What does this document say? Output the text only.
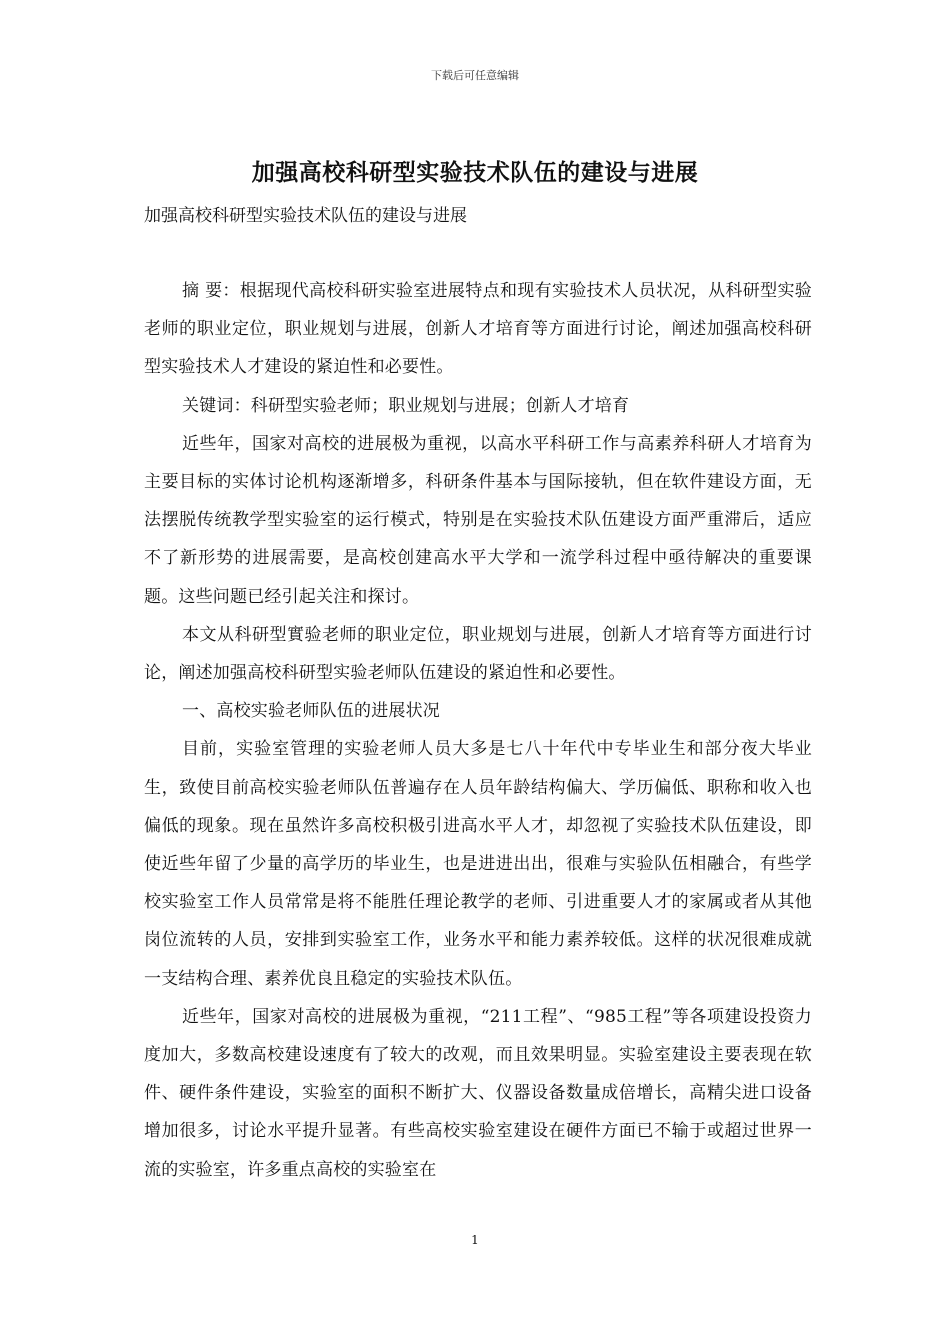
下载后可任意编辑
加强高校科研型实验技术队伍的建设与进展

加强高校科研型实验技术队伍的建设与进展

摘 要：根据现代高校科研实验室进展特点和现有实验技术人员状况，从科研型实验老师的职业定位，职业规划与进展，创新人才培育等方面进行讨论，阐述加强高校科研型实验技术人才建设的紧迫性和必要性。

关键词：科研型实验老师；职业规划与进展；创新人才培育

近些年，国家对高校的进展极为重视，以高水平科研工作与高素养科研人才培育为主要目标的实体讨论机构逐渐增多，科研条件基本与国际接轨，但在软件建设方面，无法摆脱传统教学型实验室的运行模式，特别是在实验技术队伍建设方面严重滞后，适应不了新形势的进展需要，是高校创建高水平大学和一流学科过程中亟待解决的重要课题。这些问题已经引起关注和探讨。

本文从科研型實验老师的职业定位，职业规划与进展，创新人才培育等方面进行讨论，阐述加强高校科研型实验老师队伍建设的紧迫性和必要性。

一、高校实验老师队伍的进展状况

目前，实验室管理的实验老师人员大多是七八十年代中专毕业生和部分夜大毕业生，致使目前高校实验老师队伍普遍存在人员年龄结构偏大、学历偏低、职称和收入也偏低的现象。现在虽然许多高校积极引进高水平人才，却忽视了实验技术队伍建设，即使近些年留了少量的高学历的毕业生，也是进进出出，很难与实验队伍相融合，有些学校实验室工作人员常常是将不能胜任理论教学的老师、引进重要人才的家属或者从其他岗位流转的人员，安排到实验室工作，业务水平和能力素养较低。这样的状况很难成就一支结构合理、素养优良且稳定的实验技术队伍。

近些年，国家对高校的进展极为重视，“211工程”、“985工程”等各项建设投资力度加大，多数高校建设速度有了较大的改观，而且效果明显。实验室建设主要表现在软件、硬件条件建设，实验室的面积不断扩大、仪器设备数量成倍增长，高精尖进口设备增加很多，讨论水平提升显著。有些高校实验室建设在硬件方面已不输于或超过世界一流的实验室，许多重点高校的实验室在

1
